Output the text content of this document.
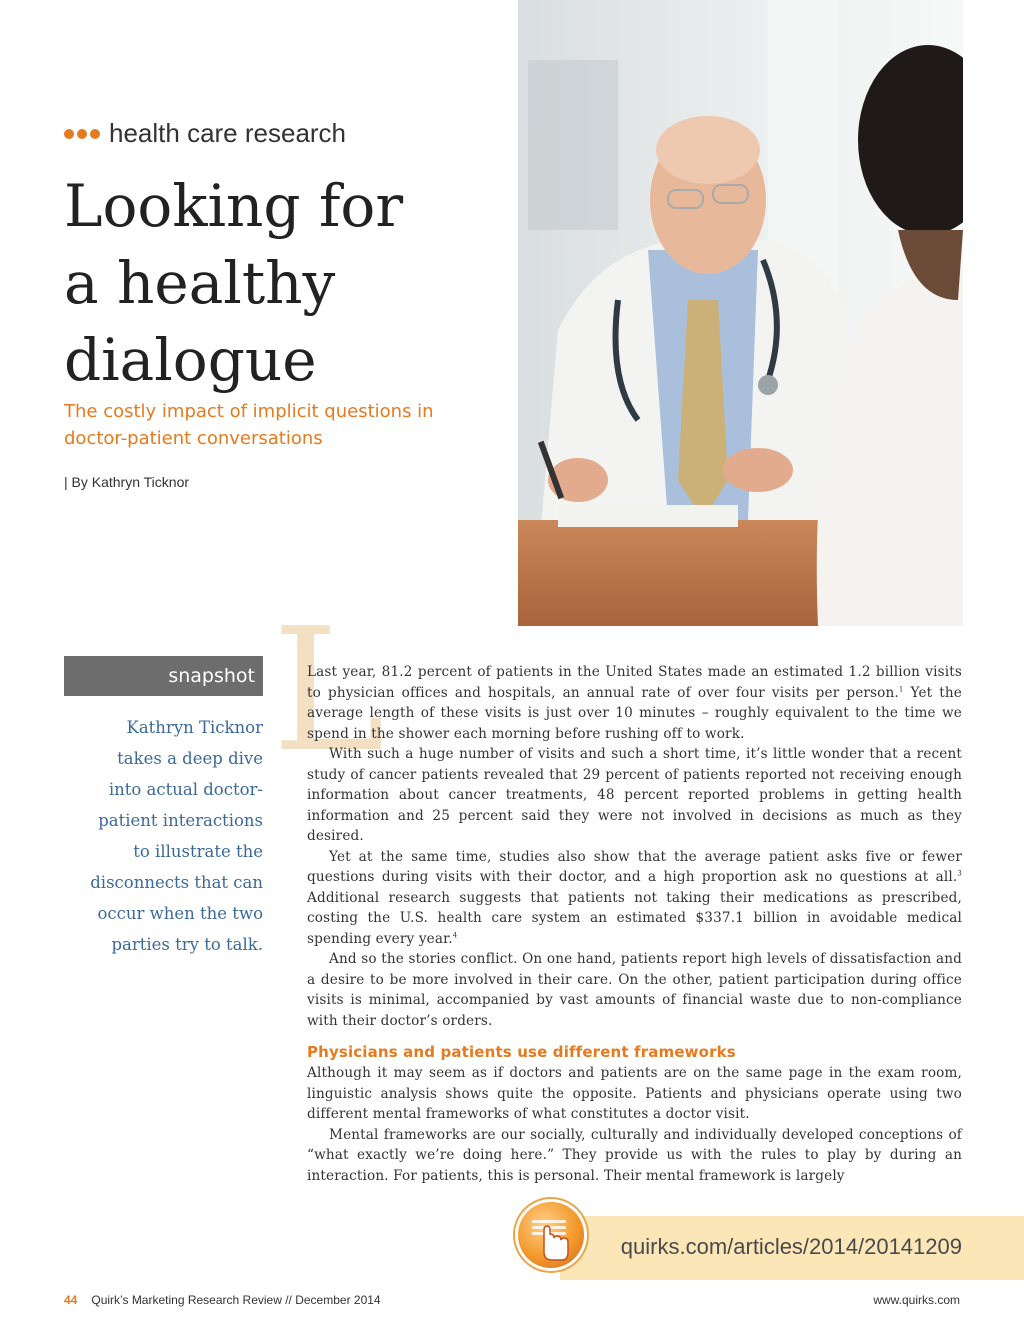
health care research
Looking for
a healthy
dialogue

The costly impact of implicit questions in
doctor-patient conversations

| By Kathryn Ticknor
snapshot

Kathryn Ticknor
takes a deep dive
into actual doctor-
patient interactions
to illustrate the
disconnects that can
occur when the two
parties try to talk.

L

Last year, 81.2 percent of patients in the United States made an estimated 1.2 billion visits to physician offices and hospitals, an annual rate of over four visits per person.$^1$ Yet the average length of these visits is just over 10 minutes – roughly equivalent to the time we spend in the shower each morning before rushing off to work.

With such a huge number of visits and such a short time, it’s little wonder that a recent study of cancer patients revealed that 29 percent of patients reported not receiving enough information about cancer treatments, 48 percent reported problems in getting health information and 25 percent said they were not involved in decisions as much as they desired.

Yet at the same time, studies also show that the average patient asks five or fewer questions during visits with their doctor, and a high proportion ask no questions at all.$^3$ Additional research suggests that patients not taking their medications as prescribed, costing the U.S. health care system an estimated $337.1 billion in avoidable medical spending every year.$^4$

And so the stories conflict. On one hand, patients report high levels of dissatisfaction and a desire to be more involved in their care. On the other, patient participation during office visits is minimal, accompanied by vast amounts of financial waste due to non-compliance with their doctor’s orders.

Physicians and patients use different frameworks

Although it may seem as if doctors and patients are on the same page in the exam room, linguistic analysis shows quite the opposite. Patients and physicians operate using two different mental frameworks of what constitutes a doctor visit.

Mental frameworks are our socially, culturally and individually developed conceptions of “what exactly we’re doing here.” They provide us with the rules to play by during an interaction. For patients, this is personal. Their mental framework is largely

quirks.com/articles/2014/20141209
44 Quirk’s Marketing Research Review // December 2014	www.quirks.com
